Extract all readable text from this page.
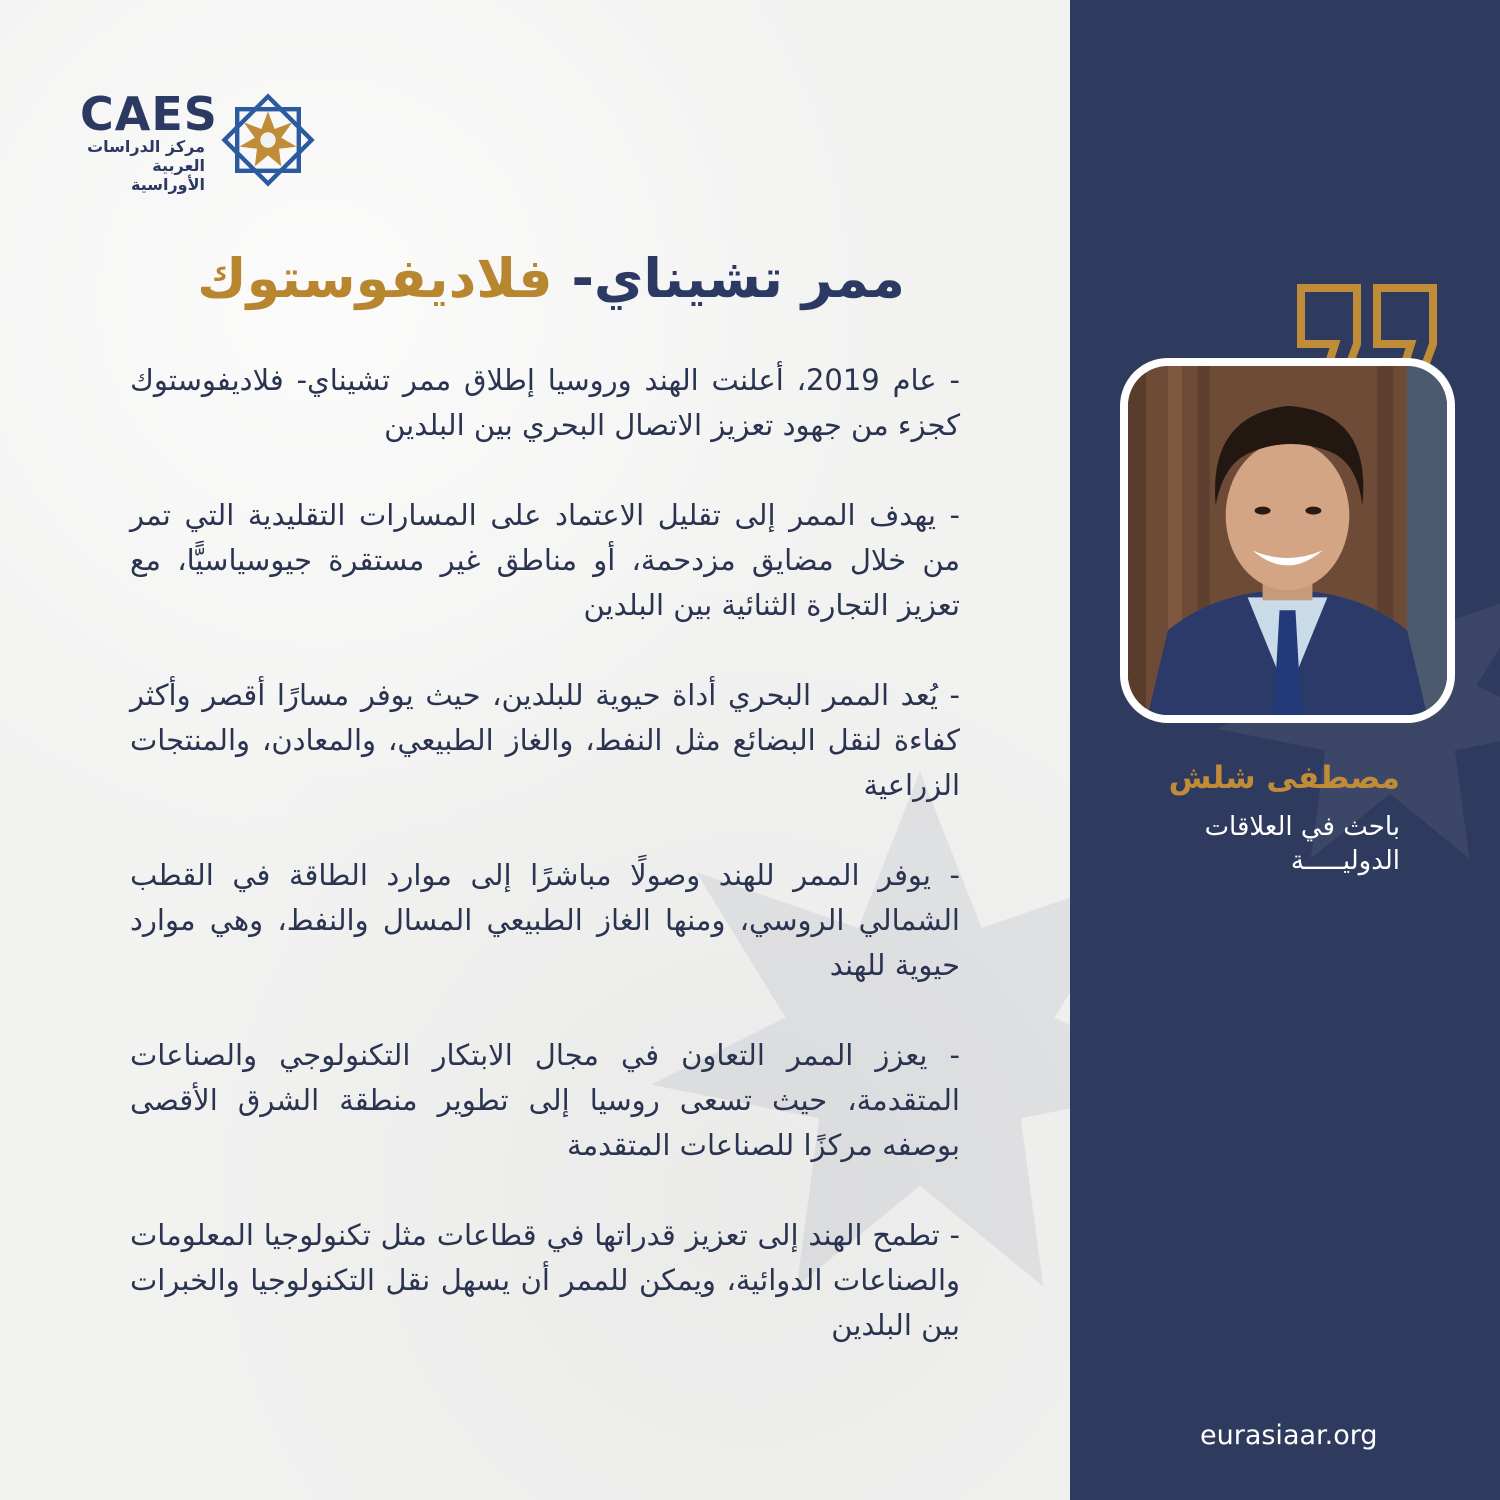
CAES
مركز الدراسات
العربية الأوراسية
ممر تشيناي- فلاديفوستوك

- عام 2019، أعلنت الهند وروسيا إطلاق ممر تشيناي- فلاديفوستوك كجزء من جهود تعزيز الاتصال البحري بين البلدين

- يهدف الممر إلى تقليل الاعتماد على المسارات التقليدية التي تمر من خلال مضايق مزدحمة، أو مناطق غير مستقرة جيوسياسيًّا، مع تعزيز التجارة الثنائية بين البلدين

- يُعد الممر البحري أداة حيوية للبلدين، حيث يوفر مسارًا أقصر وأكثر كفاءة لنقل البضائع مثل النفط، والغاز الطبيعي، والمعادن، والمنتجات الزراعية

- يوفر الممر للهند وصولًا مباشرًا إلى موارد الطاقة في القطب الشمالي الروسي، ومنها الغاز الطبيعي المسال والنفط، وهي موارد حيوية للهند

- يعزز الممر التعاون في مجال الابتكار التكنولوجي والصناعات المتقدمة، حيث تسعى روسيا إلى تطوير منطقة الشرق الأقصى بوصفه مركزًا للصناعات المتقدمة

- تطمح الهند إلى تعزيز قدراتها في قطاعات مثل تكنولوجيا المعلومات والصناعات الدوائية، ويمكن للممر أن يسهل نقل التكنولوجيا والخبرات بين البلدين

مصطفى شلش
باحث في العلاقات
الدوليـــــة
eurasiaar.org
